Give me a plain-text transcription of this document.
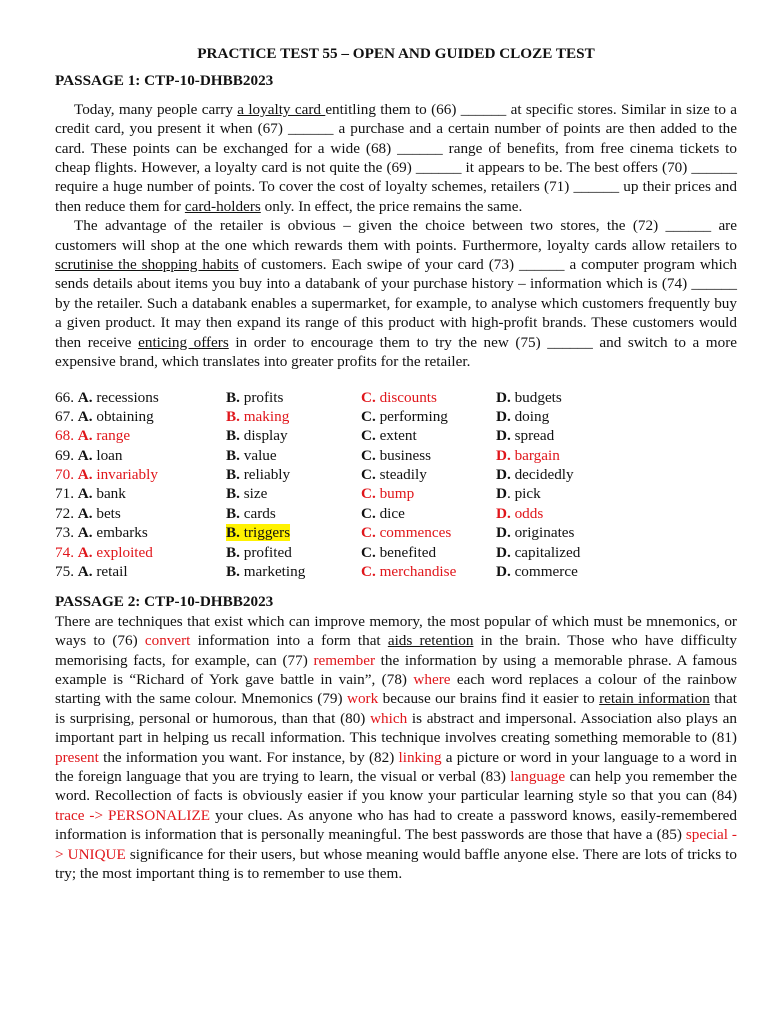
PRACTICE TEST 55 – OPEN AND GUIDED CLOZE TEST
PASSAGE 1: CTP-10-DHBB2023

Today, many people carry a loyalty card entitling them to (66) ______ at specific stores. Similar in size to a credit card, you present it when (67) ______ a purchase and a certain number of points are then added to the card. These points can be exchanged for a wide (68) ______ range of benefits, from free cinema tickets to cheap flights. However, a loyalty card is not quite the (69) ______ it appears to be. The best offers (70) ______ require a huge number of points. To cover the cost of loyalty schemes, retailers (71) ______ up their prices and then reduce them for card-holders only. In effect, the price remains the same.

The advantage of the retailer is obvious – given the choice between two stores, the (72) ______ are customers will shop at the one which rewards them with points. Furthermore, loyalty cards allow retailers to scrutinise the shopping habits of customers. Each swipe of your card (73) ______ a computer program which sends details about items you buy into a databank of your purchase history – information which is (74) ______ by the retailer. Such a databank enables a supermarket, for example, to analyse which customers frequently buy a given product. It may then expand its range of this product with high-profit brands. These customers would then receive enticing offers in order to encourage them to try the new (75) ______ and switch to a more expensive brand, which translates into greater profits for the retailer.

66. A. recessions	B. profits	C. discounts	D. budgets
67. A. obtaining	B. making	C. performing	D. doing
68. A. range	B. display	C. extent	D. spread
69. A. loan	B. value	C. business	D. bargain
70. A. invariably	B. reliably	C. steadily	D. decidedly
71. A. bank	B. size	C. bump	D. pick
72. A. bets	B. cards	C. dice	D. odds
73. A. embarks	B. triggers	C. commences	D. originates
74. A. exploited	B. profited	C. benefited	D. capitalized
75. A. retail	B. marketing	C. merchandise	D. commerce
PASSAGE 2: CTP-10-DHBB2023

There are techniques that exist which can improve memory, the most popular of which must be mnemonics, or ways to (76) convert information into a form that aids retention in the brain. Those who have difficulty memorising facts, for example, can (77) remember the information by using a memorable phrase. A famous example is “Richard of York gave battle in vain”, (78) where each word replaces a colour of the rainbow starting with the same colour. Mnemonics (79) work because our brains find it easier to retain information that is surprising, personal or humorous, than that (80) which is abstract and impersonal. Association also plays an important part in helping us recall information. This technique involves creating something memorable to (81) present the information you want. For instance, by (82) linking a picture or word in your language to a word in the foreign language that you are trying to learn, the visual or verbal (83) language can help you remember the word. Recollection of facts is obviously easier if you know your particular learning style so that you can (84) trace -> PERSONALIZE your clues. As anyone who has had to create a password knows, easily-remembered information is information that is personally meaningful. The best passwords are those that have a (85) special -> UNIQUE significance for their users, but whose meaning would baffle anyone else. There are lots of tricks to try; the most important thing is to remember to use them.
